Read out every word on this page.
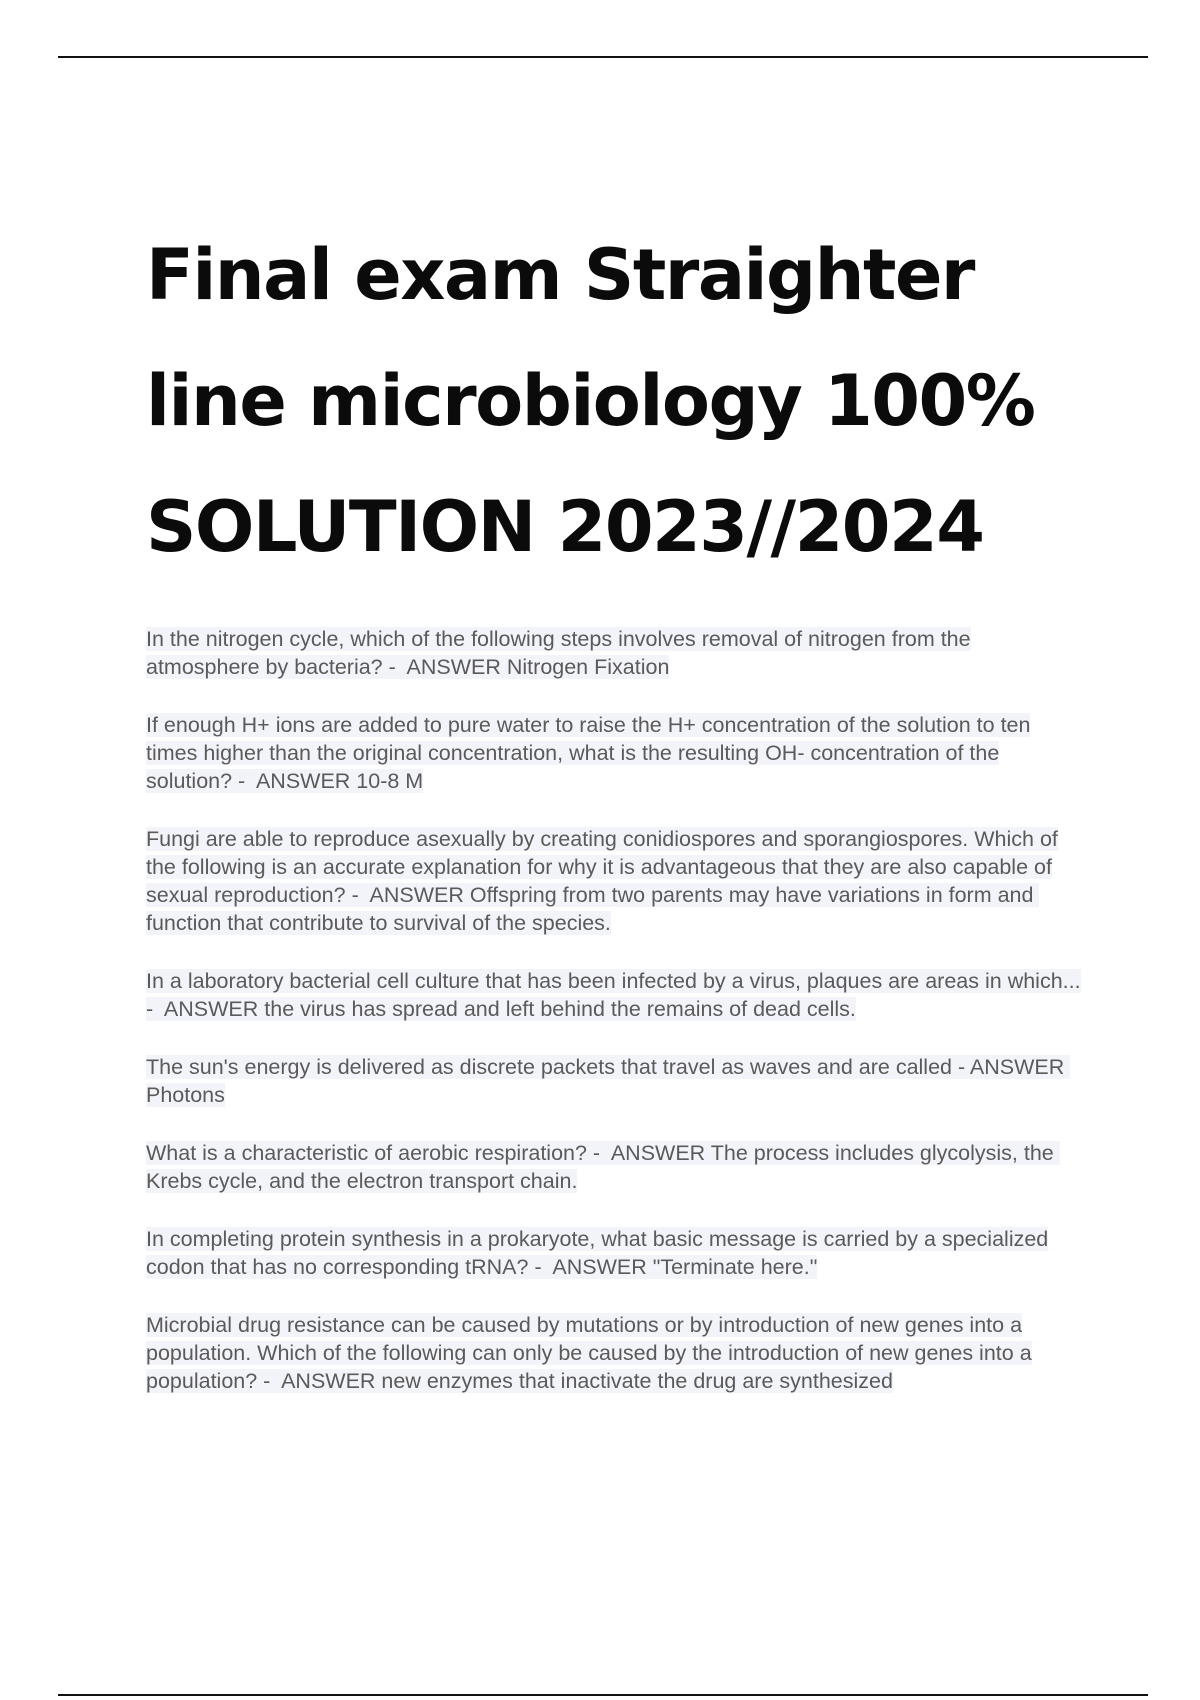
Final exam Straighter
line microbiology 100%
SOLUTION 2023//2024
In the nitrogen cycle, which of the following steps involves removal of nitrogen from the atmosphere by bacteria? -  ANSWER Nitrogen Fixation
If enough H+ ions are added to pure water to raise the H+ concentration of the solution to ten times higher than the original concentration, what is the resulting OH- concentration of the solution? -  ANSWER 10-8 M
Fungi are able to reproduce asexually by creating conidiospores and sporangiospores. Which of the following is an accurate explanation for why it is advantageous that they are also capable of sexual reproduction? -  ANSWER Offspring from two parents may have variations in form and function that contribute to survival of the species.
In a laboratory bacterial cell culture that has been infected by a virus, plaques are areas in which... -  ANSWER the virus has spread and left behind the remains of dead cells.
The sun's energy is delivered as discrete packets that travel as waves and are called - ANSWER Photons
What is a characteristic of aerobic respiration? -  ANSWER The process includes glycolysis, the Krebs cycle, and the electron transport chain.
In completing protein synthesis in a prokaryote, what basic message is carried by a specialized codon that has no corresponding tRNA? -  ANSWER "Terminate here."
Microbial drug resistance can be caused by mutations or by introduction of new genes into a population. Which of the following can only be caused by the introduction of new genes into a population? -  ANSWER new enzymes that inactivate the drug are synthesized
